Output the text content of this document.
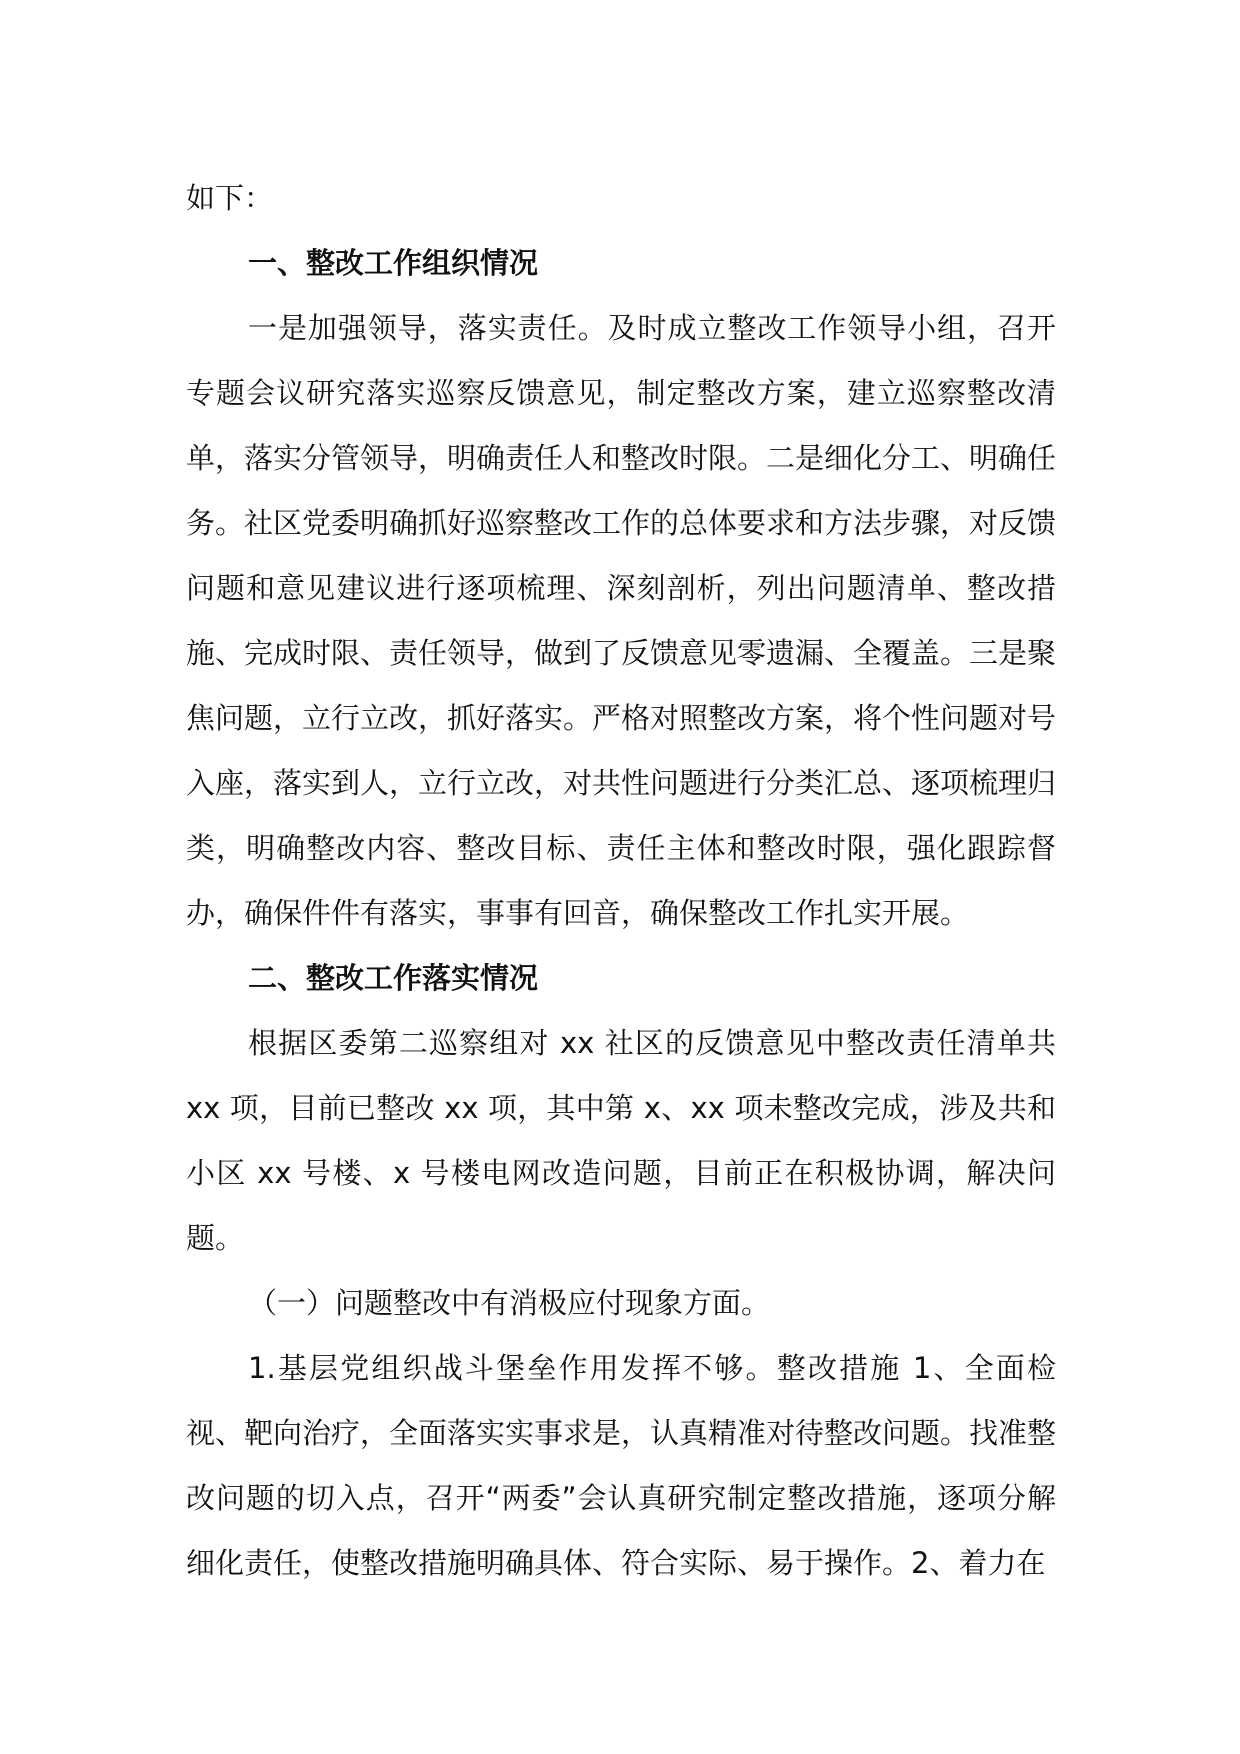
如下：

一、整改工作组织情况

一是加强领导，落实责任。及时成立整改工作领导小组，召开专题会议研究落实巡察反馈意见，制定整改方案，建立巡察整改清单，落实分管领导，明确责任人和整改时限。二是细化分工、明确任务。社区党委明确抓好巡察整改工作的总体要求和方法步骤，对反馈问题和意见建议进行逐项梳理、深刻剖析，列出问题清单、整改措施、完成时限、责任领导，做到了反馈意见零遗漏、全覆盖。三是聚焦问题，立行立改，抓好落实。严格对照整改方案，将个性问题对号入座，落实到人，立行立改，对共性问题进行分类汇总、逐项梳理归类，明确整改内容、整改目标、责任主体和整改时限，强化跟踪督办，确保件件有落实，事事有回音，确保整改工作扎实开展。

二、整改工作落实情况

根据区委第二巡察组对 xx 社区的反馈意见中整改责任清单共 xx 项，目前已整改 xx 项，其中第 x、xx 项未整改完成，涉及共和小区 xx 号楼、x 号楼电网改造问题，目前正在积极协调，解决问题。

（一）问题整改中有消极应付现象方面。

1.基层党组织战斗堡垒作用发挥不够。整改措施 1、全面检视、靶向治疗，全面落实实事求是，认真精准对待整改问题。找准整改问题的切入点，召开“两委”会认真研究制定整改措施，逐项分解细化责任，使整改措施明确具体、符合实际、易于操作。2、着力在
